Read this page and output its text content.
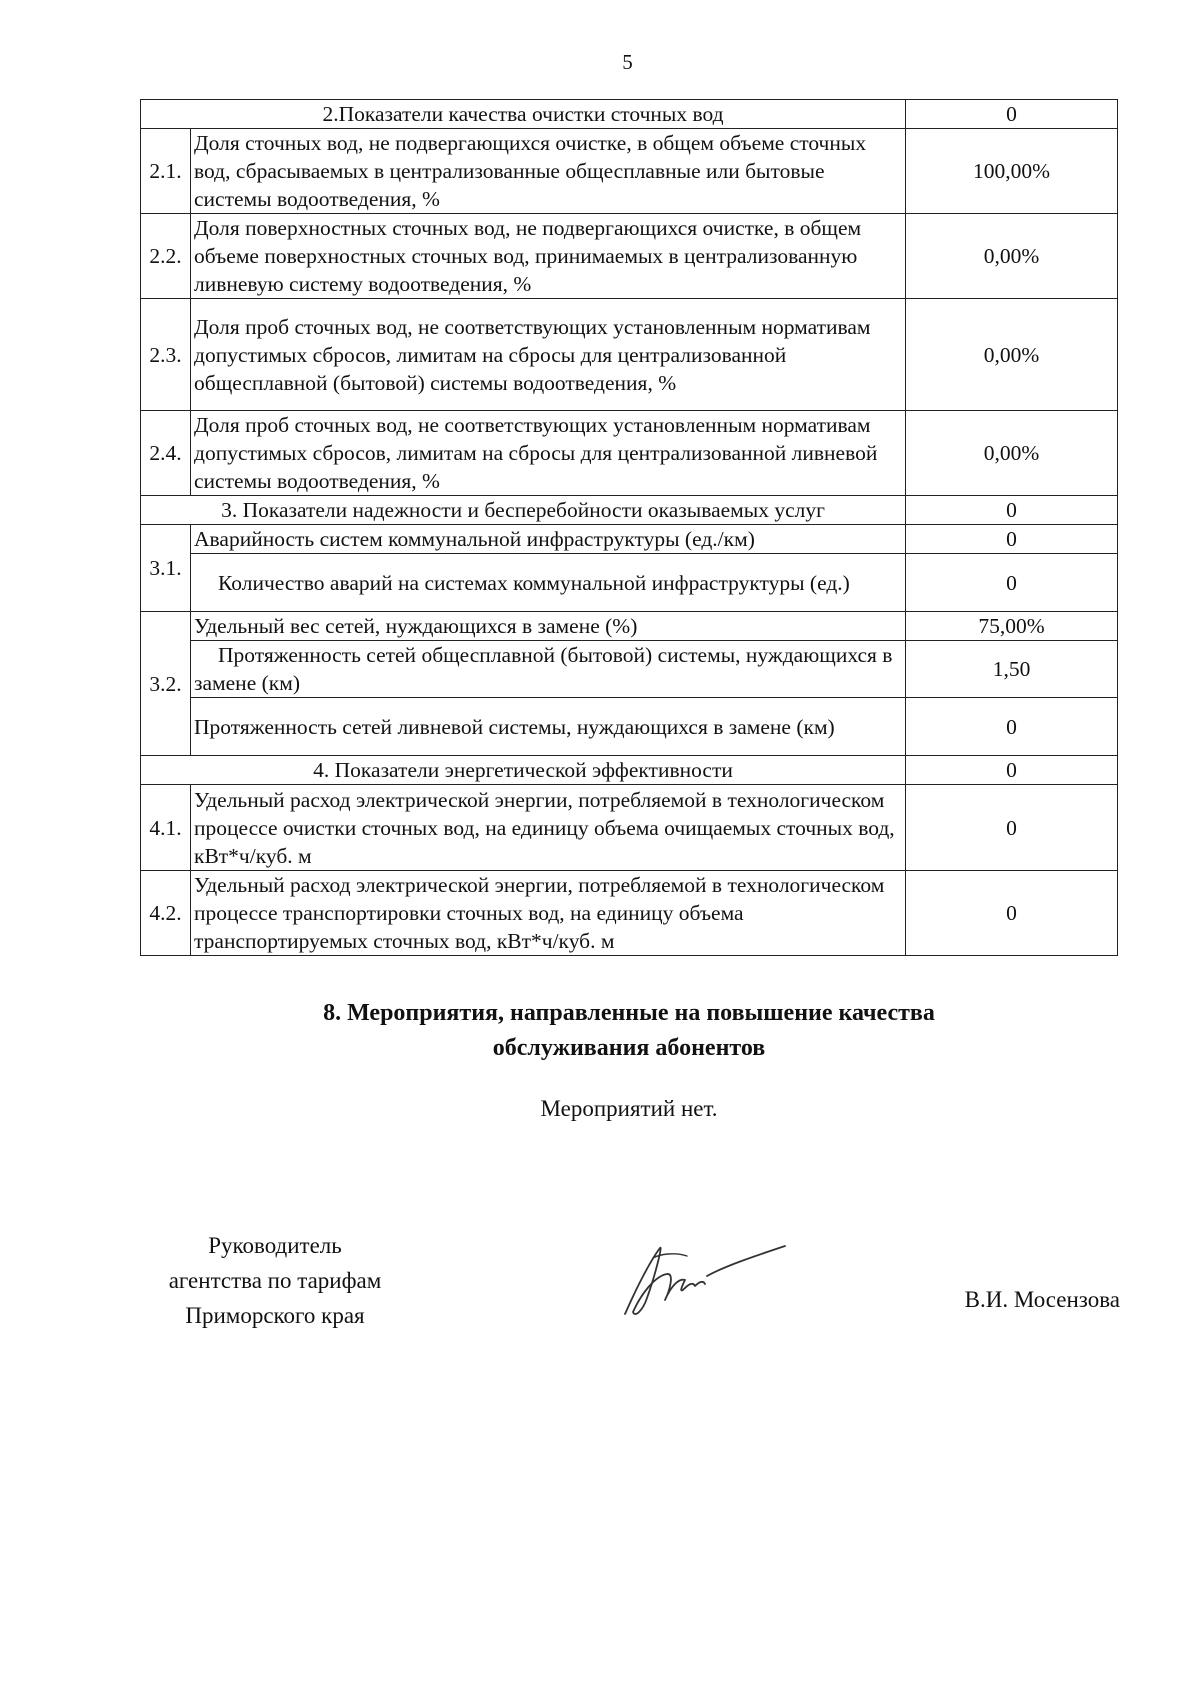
5
2.Показатели качества очистки сточных вод		0
2.1.	Доля сточных вод, не подвергающихся очистке, в общем объеме сточных вод, сбрасываемых в централизованные общесплавные или бытовые системы водоотведения, %	100,00%
2.2.	Доля поверхностных сточных вод, не подвергающихся очистке, в общем объеме поверхностных сточных вод, принимаемых в централизованную ливневую систему водоотведения, %	0,00%
2.3.	Доля проб сточных вод, не соответствующих установленным нормативам допустимых сбросов, лимитам на сбросы для централизованной общесплавной (бытовой) системы водоотведения, %	0,00%
2.4.	Доля проб сточных вод, не соответствующих установленным нормативам допустимых сбросов, лимитам на сбросы для централизованной ливневой системы водоотведения, %	0,00%
3. Показатели надежности и бесперебойности оказываемых услуг		0
3.1.	Аварийность систем коммунальной инфраструктуры (ед./км)	0

	Количество аварий на системах коммунальной инфраструктуры (ед.)	0
3.2.	Удельный вес сетей, нуждающихся в замене (%)	75,00%

	Протяженность сетей общесплавной (бытовой) системы, нуждающихся в замене (км)	1,50
	Протяженность сетей ливневой системы, нуждающихся в замене (км)	0
4. Показатели энергетической эффективности		0
4.1.	Удельный расход электрической энергии, потребляемой в технологическом процессе очистки сточных вод, на единицу объема очищаемых сточных вод, кВт*ч/куб. м	0
4.2.	Удельный расход электрической энергии, потребляемой в технологическом процессе транспортировки сточных вод, на единицу объема транспортируемых сточных вод, кВт*ч/куб. м	0
8. Мероприятия, направленные на повышение качества
обслуживания абонентов
Мероприятий нет.
Руководитель
агентства по тарифам
Приморского края
В.И. Мосензова
